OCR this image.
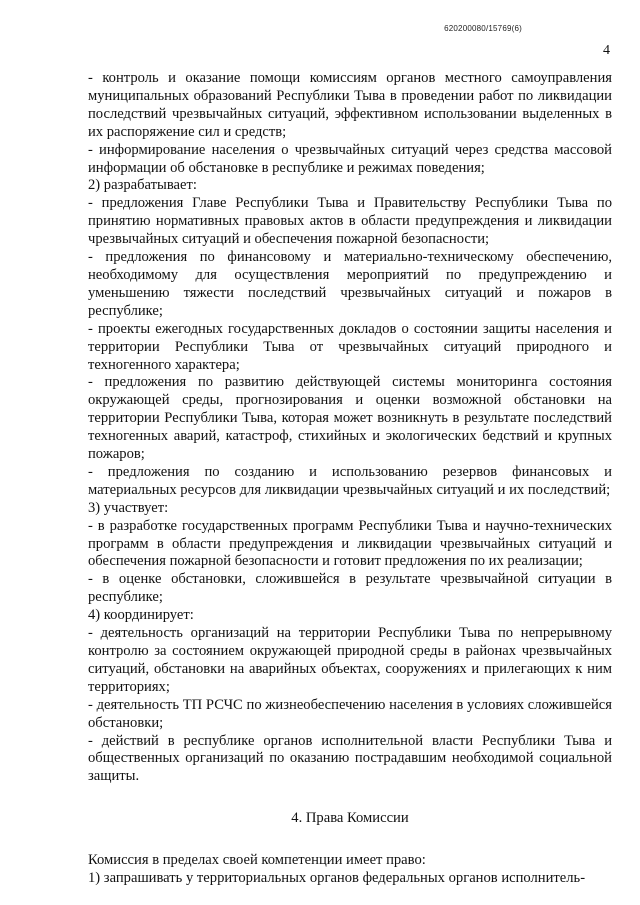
620200080/15769(6)
4

- контроль и оказание помощи комиссиям органов местного самоуправления муниципальных образований Республики Тыва в проведении работ по ликвидации последствий чрезвычайных ситуаций, эффективном использовании выделенных в их распоряжение сил и средств;

- информирование населения о чрезвычайных ситуаций через средства массовой информации об обстановке в республике и режимах поведения;

2) разрабатывает:

- предложения Главе Республики Тыва и Правительству Республики Тыва по принятию нормативных правовых актов в области предупреждения и ликвидации чрезвычайных ситуаций и обеспечения пожарной безопасности;

- предложения по финансовому и материально-техническому обеспечению, необходимому для осуществления мероприятий по предупреждению и уменьшению тяжести последствий чрезвычайных ситуаций и пожаров в республике;

- проекты ежегодных государственных докладов о состоянии защиты населения и территории Республики Тыва от чрезвычайных ситуаций природного и техногенного характера;

- предложения по развитию действующей системы мониторинга состояния окружающей среды, прогнозирования и оценки возможной обстановки на территории Республики Тыва, которая может возникнуть в результате последствий техногенных аварий, катастроф, стихийных и экологических бедствий и крупных пожаров;

- предложения по созданию и использованию резервов финансовых и материальных ресурсов для ликвидации чрезвычайных ситуаций и их последствий;

3) участвует:

- в разработке государственных программ Республики Тыва и научно-технических программ в области предупреждения и ликвидации чрезвычайных ситуаций и обеспечения пожарной безопасности и готовит предложения по их реализации;

- в оценке обстановки, сложившейся в результате чрезвычайной ситуации в республике;

4) координирует:

- деятельность организаций на территории Республики Тыва по непрерывному контролю за состоянием окружающей природной среды в районах чрезвычайных ситуаций, обстановки на аварийных объектах, сооружениях и прилегающих к ним территориях;

- деятельность ТП РСЧС по жизнеобеспечению населения в условиях сложившейся обстановки;

- действий в республике органов исполнительной власти Республики Тыва и общественных организаций по оказанию пострадавшим необходимой социальной защиты.

4. Права Комиссии

Комиссия в пределах своей компетенции имеет право:

1) запрашивать у территориальных органов федеральных органов исполнитель-
